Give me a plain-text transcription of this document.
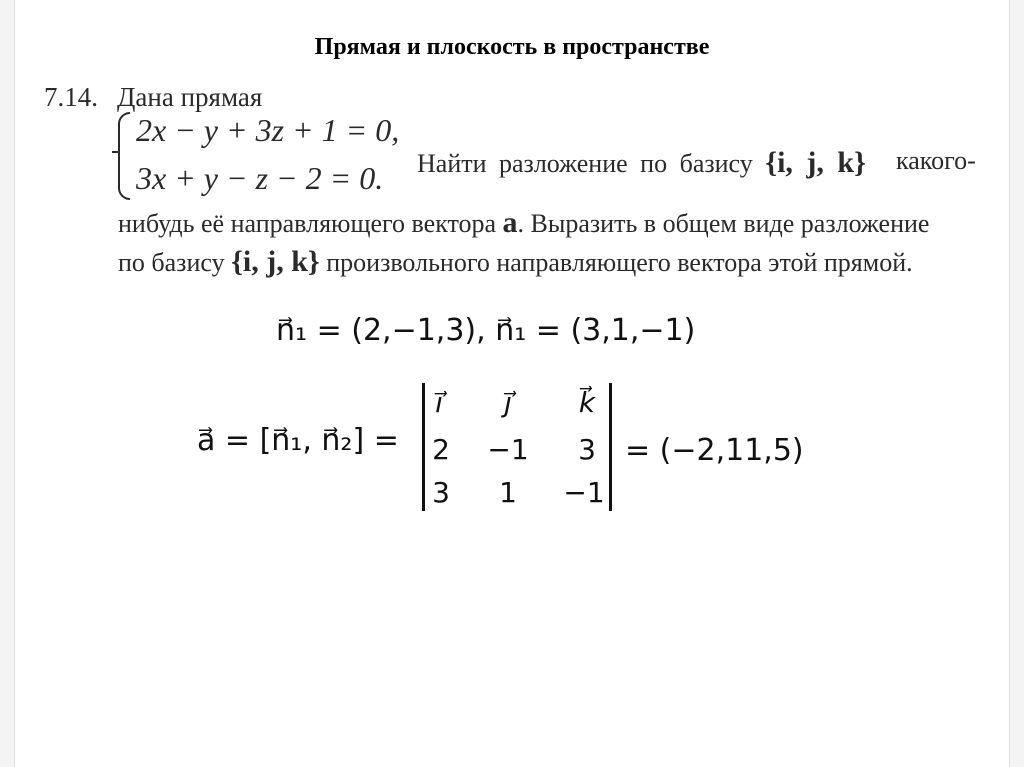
Прямая и плоскость в пространстве
7.14. Дана прямая
2x − y + 3z + 1 = 0,
3x + y − z − 2 = 0. Найти разложение по базису {i, j, k} какого-
нибудь её направляющего вектора a. Выразить в общем виде разложение
по базису {i, j, k} произвольного направляющего вектора этой прямой.
n⃗₁ = (2,−1,3), n⃗₁ = (3,1,−1)
a⃗ = [n⃗₁, n⃗₂] =
i⃗	j⃗	k⃗
2	−1	3
3	1	−1
= (−2,11,5)
